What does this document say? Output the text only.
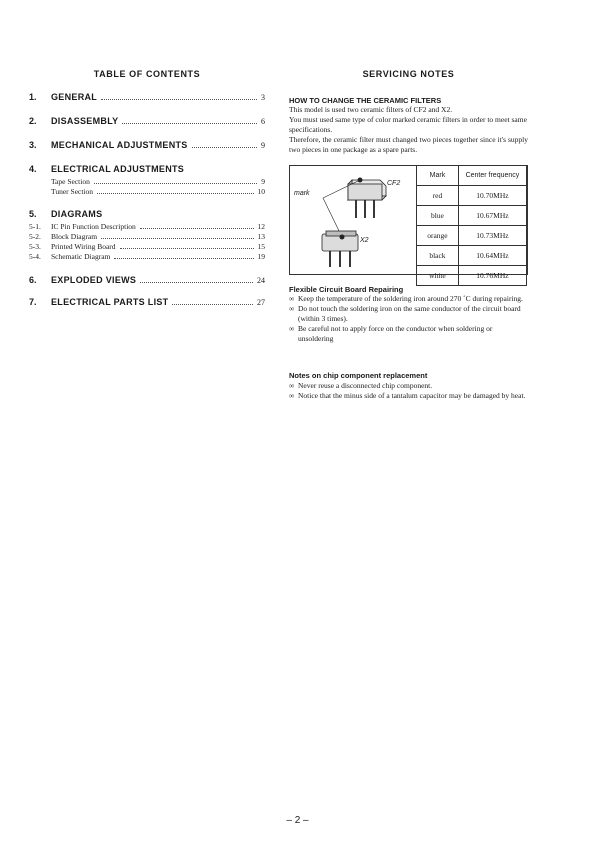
TABLE OF CONTENTS
1.	GENERAL	3
2.	DISASSEMBLY	6
3.	MECHANICAL ADJUSTMENTS	9
4.	ELECTRICAL ADJUSTMENTS
Tape Section	9
Tuner Section	10
5.	DIAGRAMS
5-1.	IC Pin Function Description	12
5-2.	Block Diagram	13
5-3.	Printed Wiring Board	15
5-4.	Schematic Diagram	19
6.	EXPLODED VIEWS	24
7.	ELECTRICAL PARTS LIST	27
SERVICING NOTES
HOW TO CHANGE THE CERAMIC FILTERS

This model is used two ceramic filters of CF2 and X2.

You must used same type of color marked ceramic filters in order to meet same specifications.

Therefore, the ceramic filter must changed two pieces together since it's supply two pieces in one package as a spare parts.

mark
CF2
X2
Mark	Center frequency
red	10.70MHz
blue	10.67MHz
orange	10.73MHz
black	10.64MHz
white	10.76MHz
Flexible Circuit Board Repairing
∞ Keep the temperature of the soldering iron around 270 ˚C during repairing.
∞ Do not touch the soldering iron on the same conductor of the circuit board (within 3 times).
∞ Be careful not to apply force on the conductor when soldering or unsoldering
Notes on chip component replacement
∞ Never reuse a disconnected chip component.
∞ Notice that the minus side of a tantalum capacitor may be damaged by heat.
– 2 –
